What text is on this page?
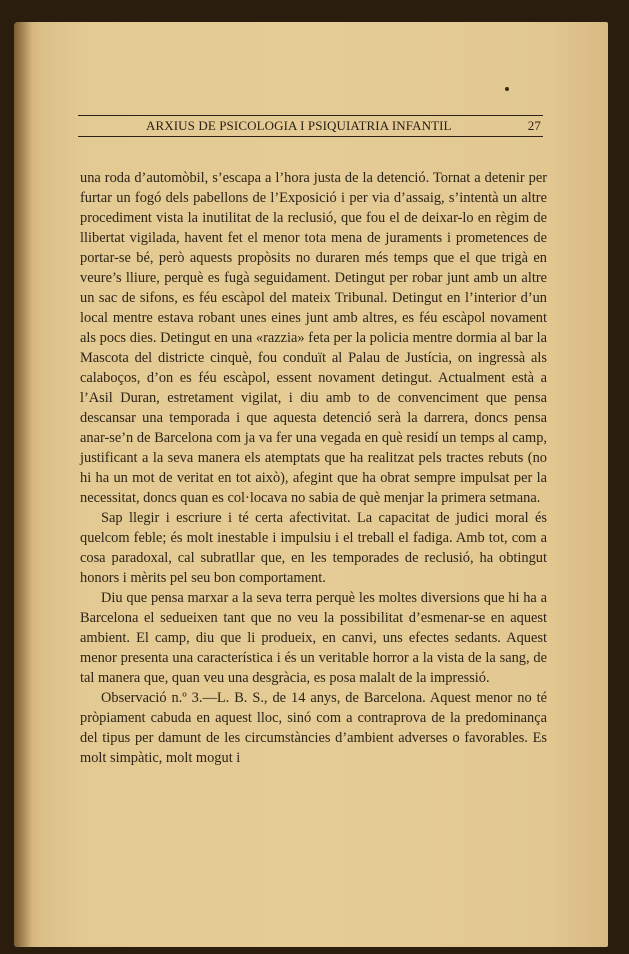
ARXIUS DE PSICOLOGIA I PSIQUIATRIA INFANTIL	27

una roda d’automòbil, s’escapa a l’hora justa de la detenció. Tornat a detenir per furtar un fogó dels pabellons de l’Exposició i per via d’assaig, s’intentà un altre procediment vista la inutilitat de la reclusió, que fou el de deixar-lo en règim de llibertat vigilada, havent fet el menor tota mena de juraments i prometences de portar-se bé, però aquests propòsits no duraren més temps que el que trigà en veure’s lliure, perquè es fugà seguidament. Detingut per robar junt amb un altre un sac de sifons, es féu escàpol del mateix Tribunal. Detingut en l’interior d’un local mentre estava robant unes eines junt amb altres, es féu escàpol novament als pocs dies. Detingut en una «razzia» feta per la policia mentre dormia al bar la Mascota del districte cinquè, fou conduït al Palau de Justícia, on ingressà als calaboços, d’on es féu escàpol, essent novament detingut. Actualment està a l’Asil Duran, estretament vigilat, i diu amb to de convenciment que pensa descansar una temporada i que aquesta detenció serà la darrera, doncs pensa anar-se’n de Barcelona com ja va fer una vegada en què residí un temps al camp, justificant a la seva manera els atemptats que ha realitzat pels tractes rebuts (no hi ha un mot de veritat en tot això), afegint que ha obrat sempre impulsat per la necessitat, doncs quan es col·locava no sabia de què menjar la primera setmana.

Sap llegir i escriure i té certa afectivitat. La capacitat de judici moral és quelcom feble; és molt inestable i impulsiu i el treball el fadiga. Amb tot, com a cosa paradoxal, cal subratllar que, en les temporades de reclusió, ha obtingut honors i mèrits pel seu bon comportament.

Diu que pensa marxar a la seva terra perquè les moltes diversions que hi ha a Barcelona el sedueixen tant que no veu la possibilitat d’esmenar-se en aquest ambient. El camp, diu que li produeix, en canvi, uns efectes sedants. Aquest menor presenta una característica i és un veritable horror a la vista de la sang, de tal manera que, quan veu una desgràcia, es posa malalt de la impressió.

Observació n.º 3.—L. B. S., de 14 anys, de Barcelona. Aquest menor no té pròpiament cabuda en aquest lloc, sinó com a contraprova de la predominança del tipus per damunt de les circumstàncies d’ambient adverses o favorables. Es molt simpàtic, molt mogut i
